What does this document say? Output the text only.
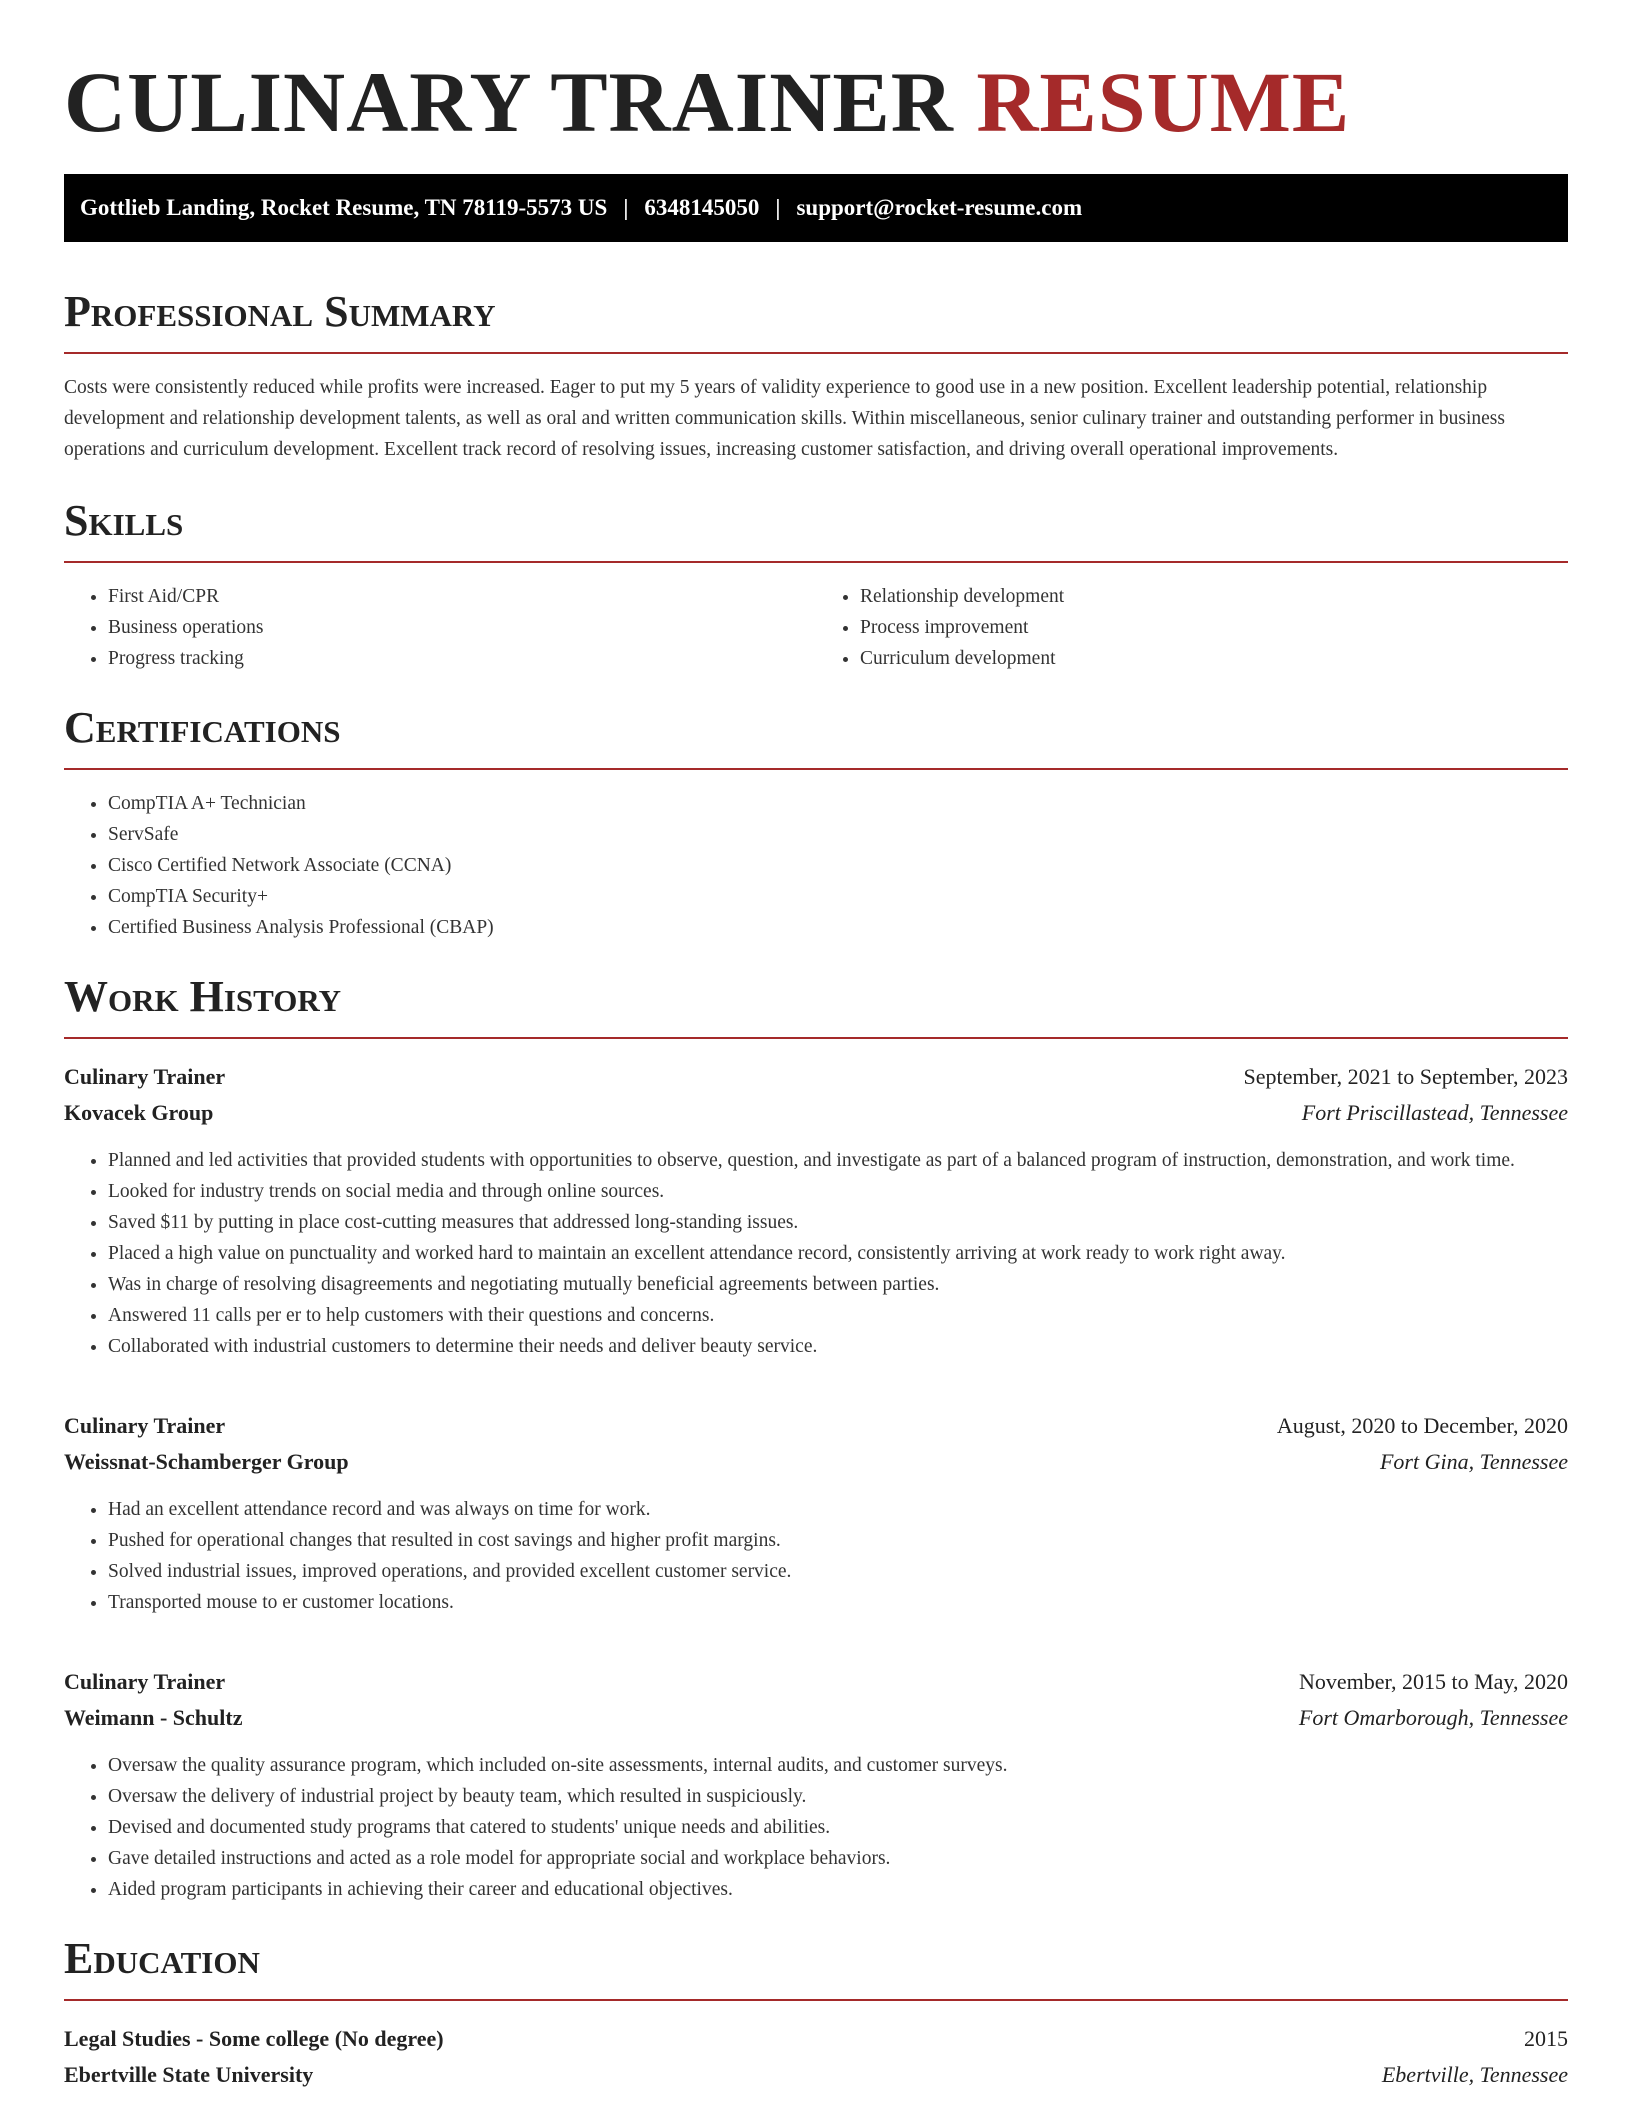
CULINARY TRAINER RESUME
Gottlieb Landing, Rocket Resume, TN 78119-5573 US | 6348145050 | support@rocket-resume.com
Professional Summary

Costs were consistently reduced while profits were increased. Eager to put my 5 years of validity experience to good use in a new position. Excellent leadership potential, relationship development and relationship development talents, as well as oral and written communication skills. Within miscellaneous, senior culinary trainer and outstanding performer in business operations and curriculum development. Excellent track record of resolving issues, increasing customer satisfaction, and driving overall operational improvements.

Skills
• First Aid/CPR
• Business operations
• Progress tracking
• Relationship development
• Process improvement
• Curriculum development
Certifications
• CompTIA A+ Technician
• ServSafe
• Cisco Certified Network Associate (CCNA)
• CompTIA Security+
• Certified Business Analysis Professional (CBAP)
Work History
Culinary Trainer	September, 2021 to September, 2023
Kovacek Group	Fort Priscillastead, Tennessee
• Planned and led activities that provided students with opportunities to observe, question, and investigate as part of a balanced program of instruction, demonstration, and work time.
• Looked for industry trends on social media and through online sources.
• Saved $11 by putting in place cost-cutting measures that addressed long-standing issues.
• Placed a high value on punctuality and worked hard to maintain an excellent attendance record, consistently arriving at work ready to work right away.
• Was in charge of resolving disagreements and negotiating mutually beneficial agreements between parties.
• Answered 11 calls per er to help customers with their questions and concerns.
• Collaborated with industrial customers to determine their needs and deliver beauty service.
Culinary Trainer	August, 2020 to December, 2020
Weissnat-Schamberger Group	Fort Gina, Tennessee
• Had an excellent attendance record and was always on time for work.
• Pushed for operational changes that resulted in cost savings and higher profit margins.
• Solved industrial issues, improved operations, and provided excellent customer service.
• Transported mouse to er customer locations.
Culinary Trainer	November, 2015 to May, 2020
Weimann - Schultz	Fort Omarborough, Tennessee
• Oversaw the quality assurance program, which included on-site assessments, internal audits, and customer surveys.
• Oversaw the delivery of industrial project by beauty team, which resulted in suspiciously.
• Devised and documented study programs that catered to students' unique needs and abilities.
• Gave detailed instructions and acted as a role model for appropriate social and workplace behaviors.
• Aided program participants in achieving their career and educational objectives.
Education
Legal Studies - Some college (No degree)	2015
Ebertville State University	Ebertville, Tennessee
